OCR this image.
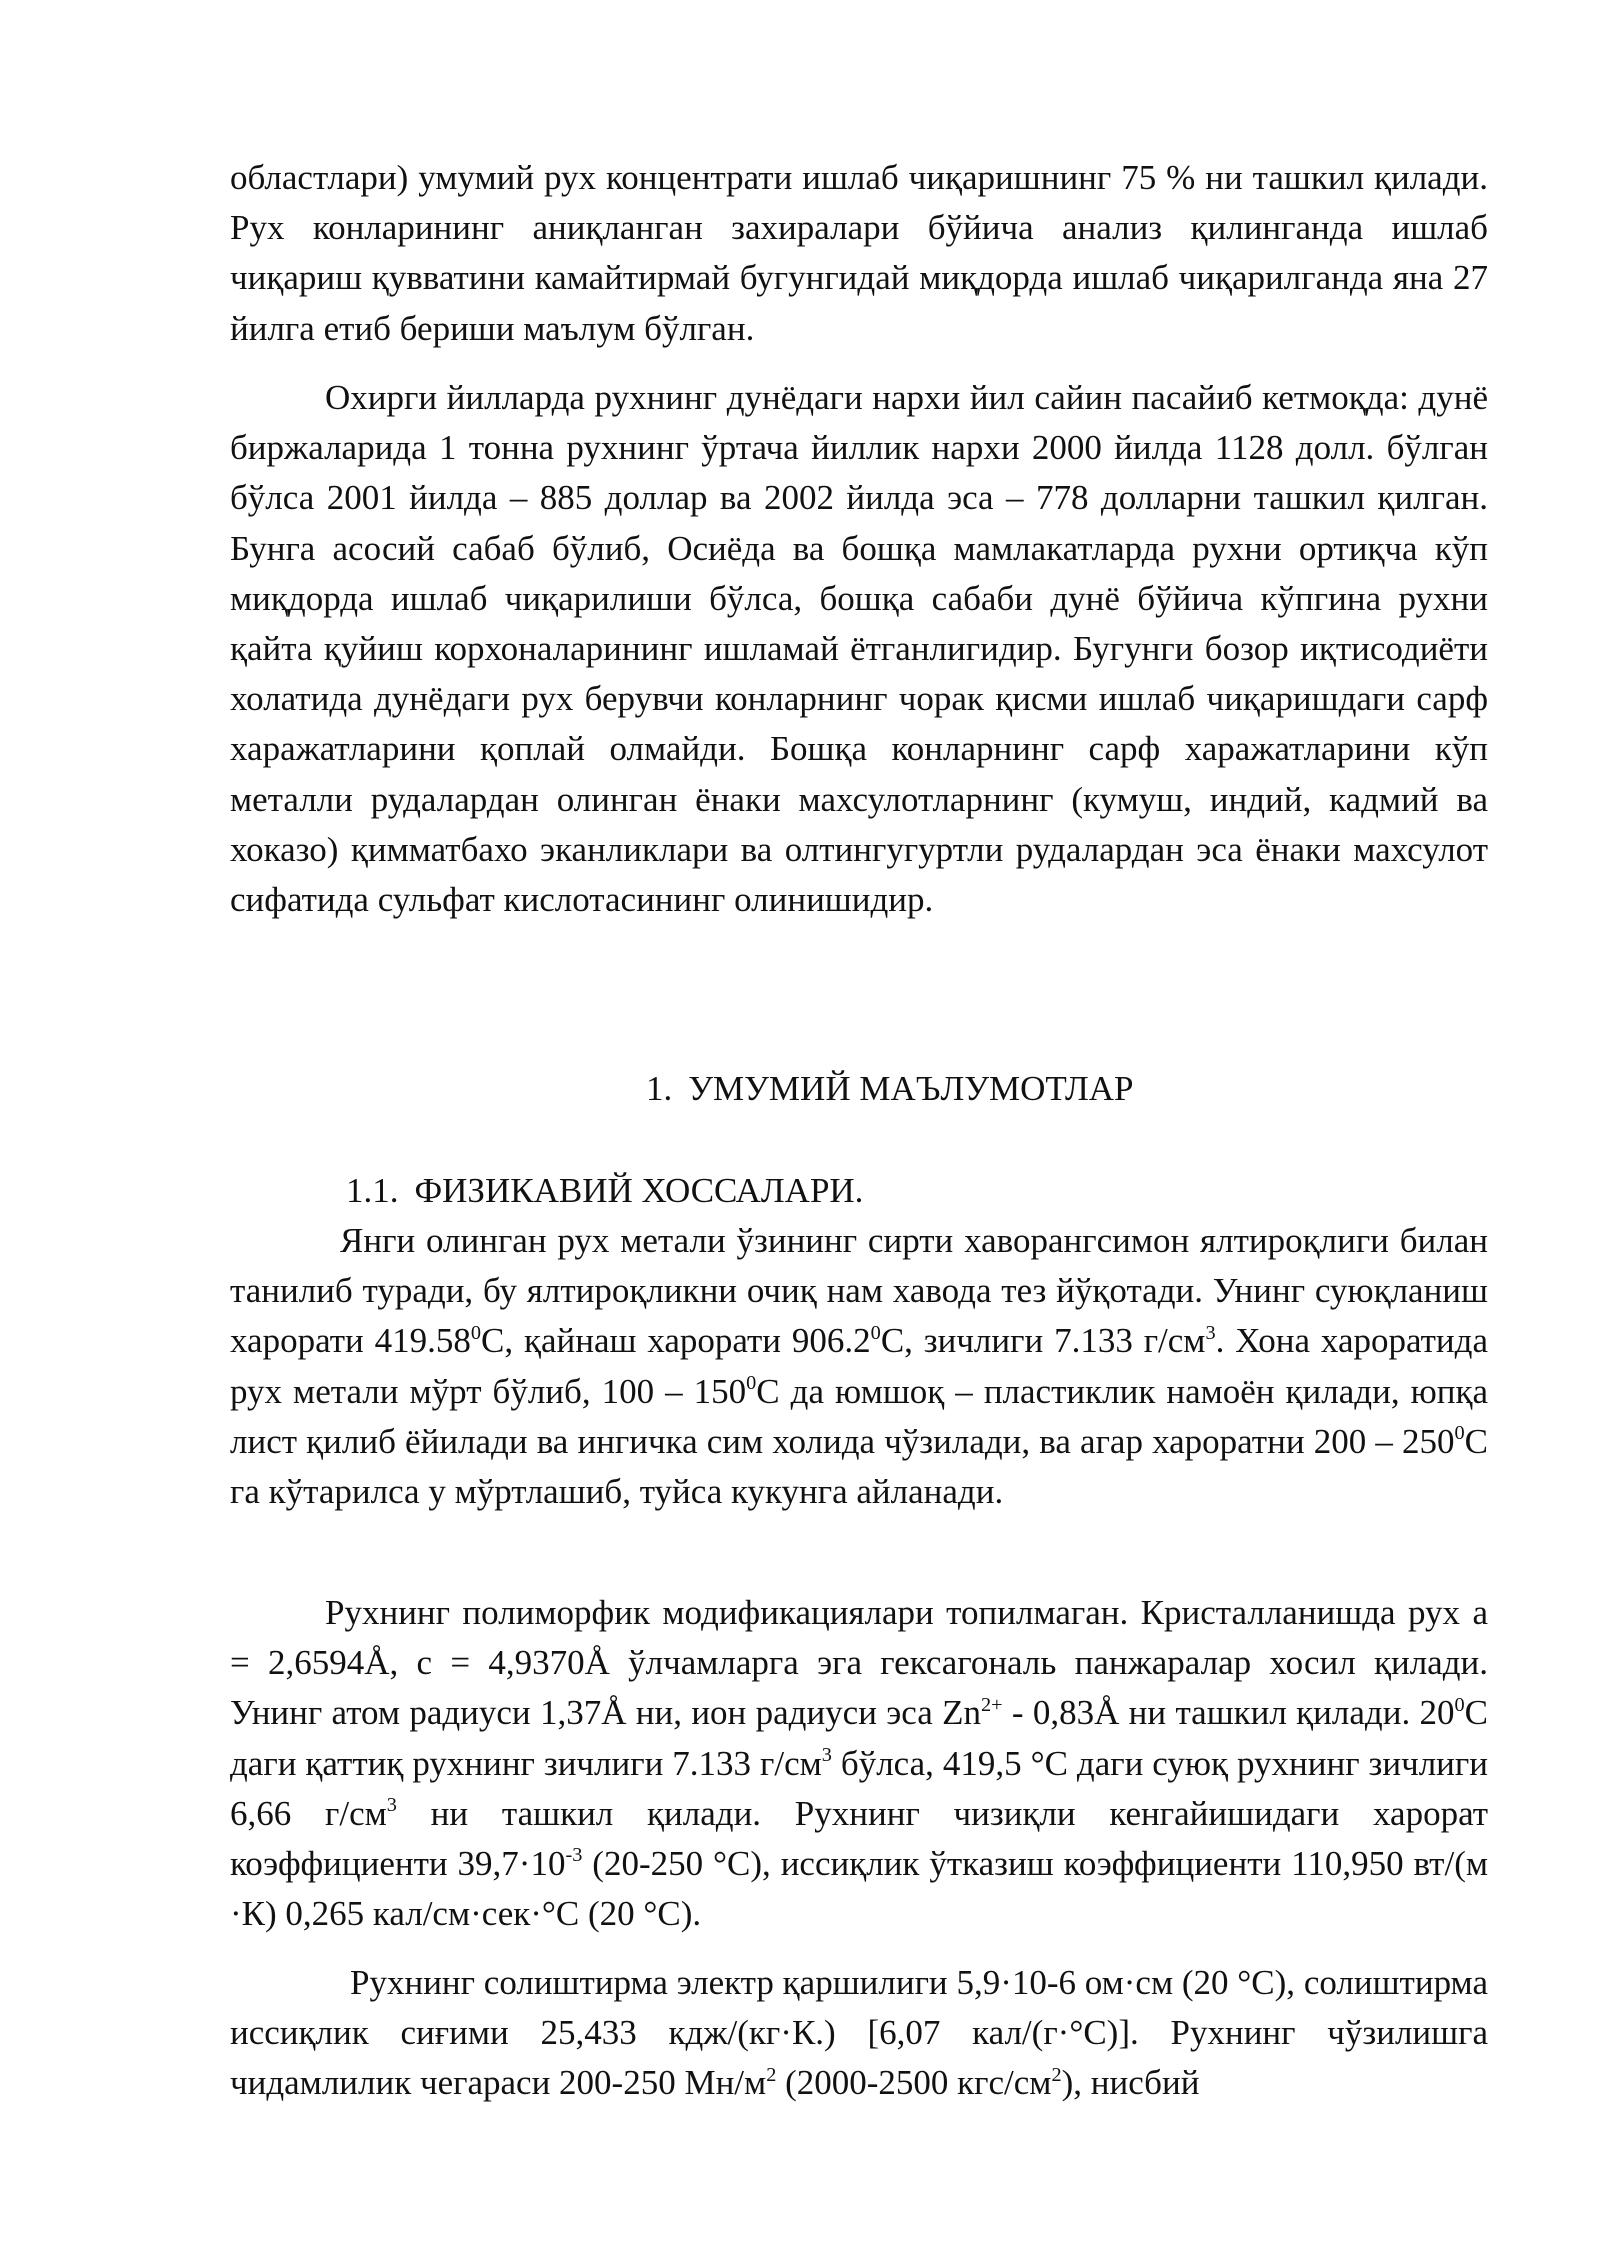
областлари) умумий рух концентрати ишлаб чиқаришнинг 75 % ни ташкил қилади. Рух конларининг аниқланган захиралари бўйича анализ қилинганда ишлаб чиқариш қувватини камайтирмай бугунгидай миқдорда ишлаб чиқарилганда яна 27 йилга етиб бериши маълум бўлган.

Охирги йилларда рухнинг дунёдаги нархи йил сайин пасайиб кетмоқда: дунё биржаларида 1 тонна рухнинг ўртача йиллик нархи 2000 йилда 1128 долл. бўлган бўлса 2001 йилда – 885 доллар ва 2002 йилда эса – 778 долларни ташкил қилган. Бунга асосий сабаб бўлиб, Осиёда ва бошқа мамлакатларда рухни ортиқча кўп миқдорда ишлаб чиқарилиши бўлса, бошқа сабаби дунё бўйича кўпгина рухни қайта қуйиш корхоналарининг ишламай ётганлигидир. Бугунги бозор иқтисодиёти холатида дунёдаги рух берувчи конларнинг чорак қисми ишлаб чиқаришдаги сарф харажатларини қоплай олмайди. Бошқа конларнинг сарф харажатларини кўп металли рудалардан олинган ёнаки махсулотларнинг (кумуш, индий, кадмий ва хоказо) қимматбахо эканликлари ва олтингугуртли рудалардан эса ёнаки махсулот сифатида сульфат кислотасининг олинишидир.

1. УМУМИЙ МАЪЛУМОТЛАР
1.1. ФИЗИКАВИЙ ХОССАЛАРИ.

Янги олинган рух метали ўзининг сирти хаворангсимон ялтироқлиги билан танилиб туради, бу ялтироқликни очиқ нам хавода тез йўқотади. Унинг суюқланиш харорати 419.58$^0$С, қайнаш харорати 906.2$^0$С, зичлиги 7.133 $г/см^3$. Хона хароратида рух метали мўрт бўлиб, $100 - 150^0С$ да юмшоқ – пластиклик намоён қилади, юпқа лист қилиб ёйилади ва ингичка сим холида чўзилади, ва агар хароратни $200 - 250^0С$ га кўтарилса у мўртлашиб, туйса кукунга айланади.

Рухнинг полиморфик модификациялари топилмаган. Кристалланишда рух a = 2,6594Å, c = 4,9370Å ўлчамларга эга гексагональ панжаралар хосил қилади. Унинг атом радиуси 1,37Å ни, ион радиуси эса $Zn^{2+}$ - 0,83Å ни ташкил қилади. $20^0С$ даги қаттиқ рухнинг зичлиги 7.133 $г/см^3$ бўлса, 419,5 °С даги суюқ рухнинг зичлиги 6,66 $г/см^3$ ни ташкил қилади. Рухнинг чизиқли кенгайишидаги харорат коэффициенти $39,7\cdot 10^{-3}$ (20-250 °С), иссиқлик ўтказиш коэффициенти 110,950 вт/(м ·К) 0,265 кал/см·сек·°С (20 °С).

Рухнинг солиштирма электр қаршилиги 5,9·10-6 ом·см (20 °С), солиштирма иссиқлик сиғими 25,433 кдж/(кг·К.) [6,07 кал/(г·°С)]. Рухнинг чўзилишга чидамлилик чегараси 200-250 $Мн/м^2$ (2000-2500 кгс/$см^2$), нисбий
